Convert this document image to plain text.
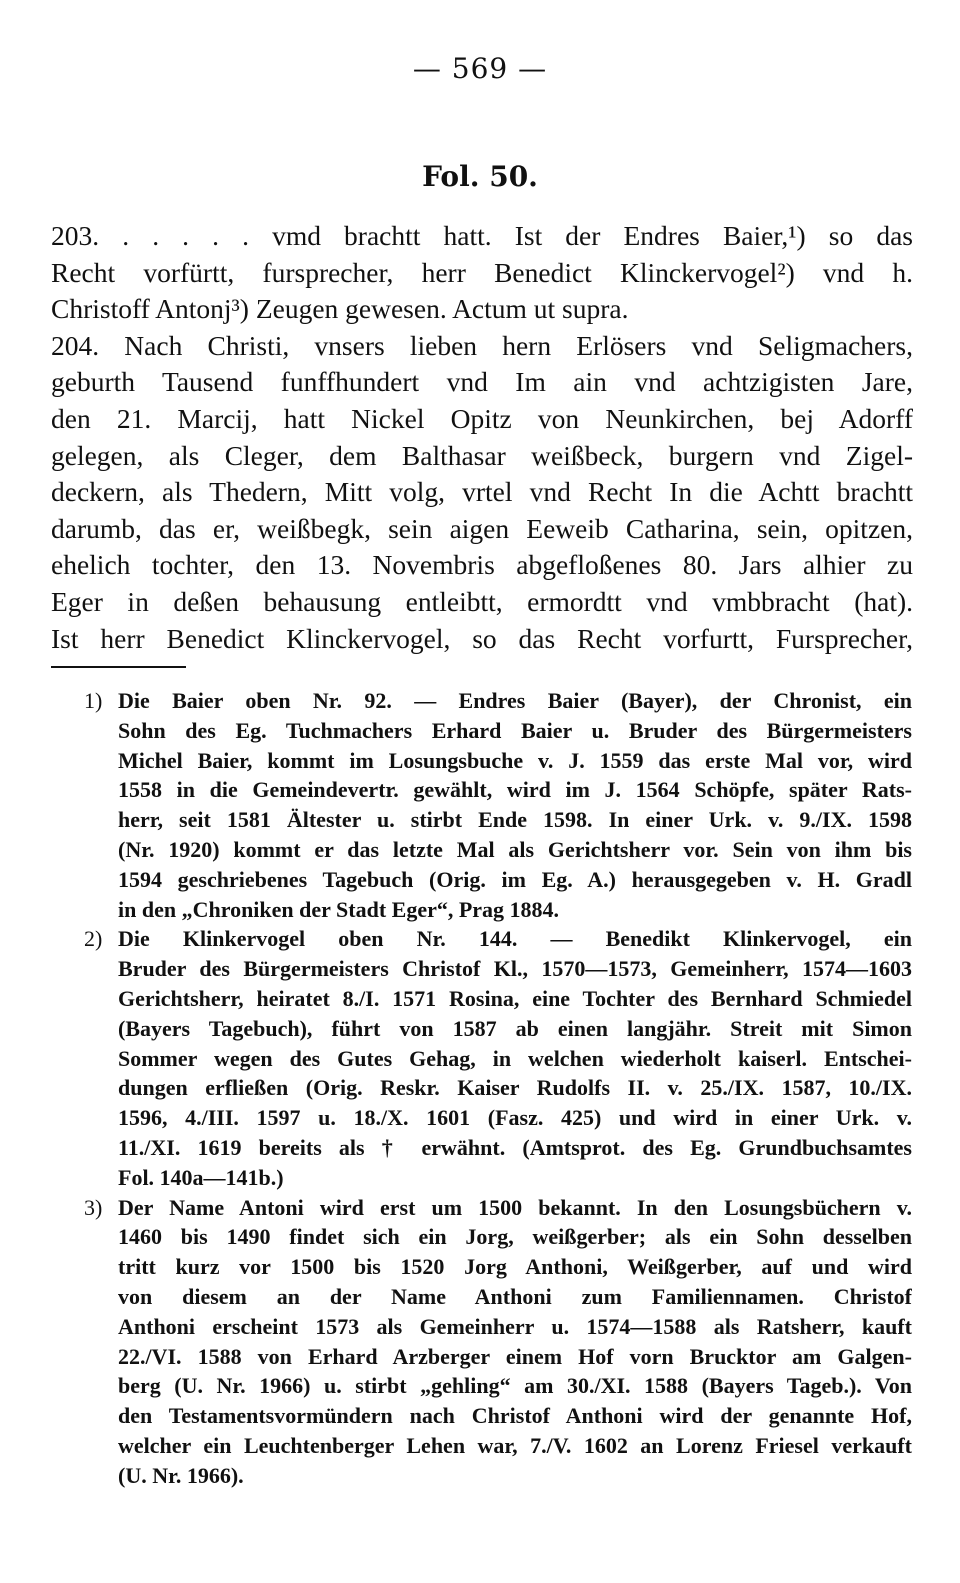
— 569 —
Fol. 50.
203. . . . . . vmd brachtt hatt. Ist der Endres Baier,¹) so das
Recht vorfürtt, fursprecher, herr Benedict Klinckervogel²) vnd h.
Christoff Antonj³) Zeugen gewesen. Actum ut supra.
204. Nach Christi, vnsers lieben hern Erlösers vnd Seligmachers,
geburth Tausend funffhundert vnd Im ain vnd achtzigisten Jare,
den 21. Marcij, hatt Nickel Opitz von Neunkirchen, bej Adorff
gelegen, als Cleger, dem Balthasar weißbeck, burgern vnd Zigel-
deckern, als Thedern, Mitt volg, vrtel vnd Recht In die Achtt brachtt
darumb, das er, weißbegk, sein aigen Eeweib Catharina, sein, opitzen,
ehelich tochter, den 13. Novembris abgefloßenes 80. Jars alhier zu
Eger in deßen behausung entleibtt, ermordtt vnd vmbbracht (hat).
Ist herr Benedict Klinckervogel, so das Recht vorfurtt, Fursprecher,
1) Die Baier oben Nr. 92. — Endres Baier (Bayer), der Chronist, ein
Sohn des Eg. Tuchmachers Erhard Baier u. Bruder des Bürgermeisters
Michel Baier, kommt im Losungsbuche v. J. 1559 das erste Mal vor, wird
1558 in die Gemeindevertr. gewählt, wird im J. 1564 Schöpfe, später Rats-
herr, seit 1581 Ältester u. stirbt Ende 1598. In einer Urk. v. 9./IX. 1598
(Nr. 1920) kommt er das letzte Mal als Gerichtsherr vor. Sein von ihm bis
1594 geschriebenes Tagebuch (Orig. im Eg. A.) herausgegeben v. H. Gradl
in den „Chroniken der Stadt Eger“, Prag 1884.
2) Die Klinkervogel oben Nr. 144. — Benedikt Klinkervogel, ein
Bruder des Bürgermeisters Christof Kl., 1570—1573, Gemeinherr, 1574—1603
Gerichtsherr, heiratet 8./I. 1571 Rosina, eine Tochter des Bernhard Schmiedel
(Bayers Tagebuch), führt von 1587 ab einen langjähr. Streit mit Simon
Sommer wegen des Gutes Gehag, in welchen wiederholt kaiserl. Entschei-
dungen erfließen (Orig. Reskr. Kaiser Rudolfs II. v. 25./IX. 1587, 10./IX.
1596, 4./III. 1597 u. 18./X. 1601 (Fasz. 425) und wird in einer Urk. v.
11./XI. 1619 bereits als † erwähnt. (Amtsprot. des Eg. Grundbuchsamtes
Fol. 140a—141b.)
3) Der Name Antoni wird erst um 1500 bekannt. In den Losungsbüchern v.
1460 bis 1490 findet sich ein Jorg, weißgerber; als ein Sohn desselben
tritt kurz vor 1500 bis 1520 Jorg Anthoni, Weißgerber, auf und wird
von diesem an der Name Anthoni zum Familiennamen. Christof
Anthoni erscheint 1573 als Gemeinherr u. 1574—1588 als Ratsherr, kauft
22./VI. 1588 von Erhard Arzberger einem Hof vorn Brucktor am Galgen-
berg (U. Nr. 1966) u. stirbt „gehling“ am 30./XI. 1588 (Bayers Tageb.). Von
den Testamentsvormündern nach Christof Anthoni wird der genannte Hof,
welcher ein Leuchtenberger Lehen war, 7./V. 1602 an Lorenz Friesel verkauft
(U. Nr. 1966).
